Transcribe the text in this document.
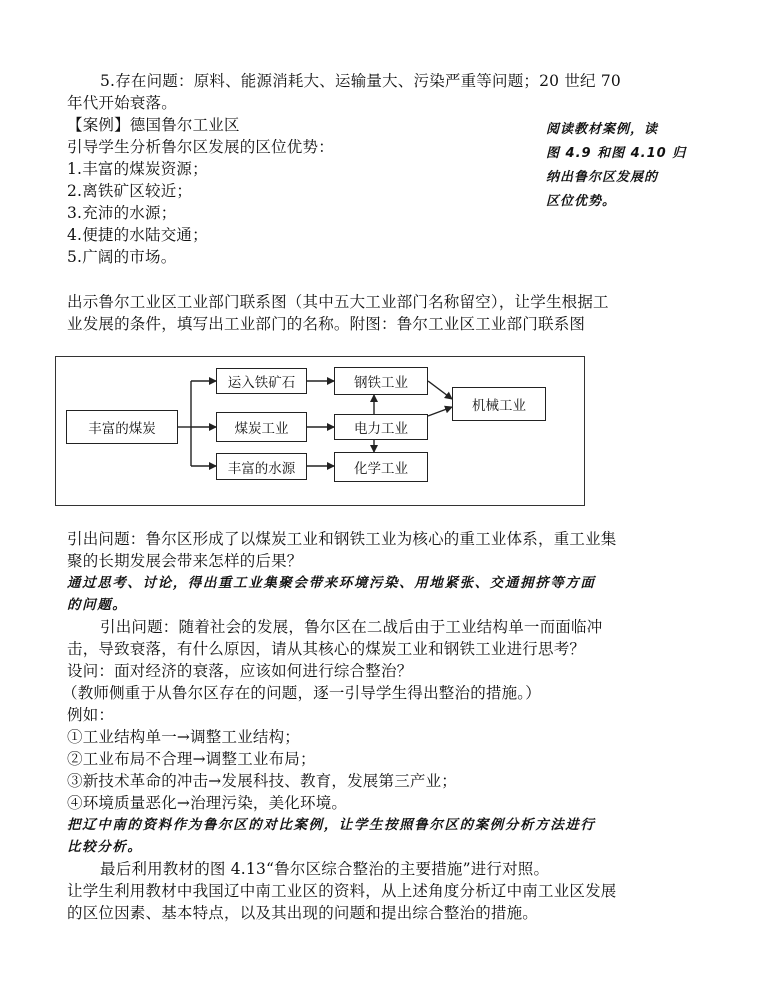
5.存在问题：原料、能源消耗大、运输量大、污染严重等问题；20 世纪 70
年代开始衰落。
【案例】德国鲁尔工业区
引导学生分析鲁尔区发展的区位优势：
1.丰富的煤炭资源；
2.离铁矿区较近；
3.充沛的水源；
4.便捷的水陆交通；
5.广阔的市场。
出示鲁尔工业区工业部门联系图（其中五大工业部门名称留空），让学生根据工
业发展的条件，填写出工业部门的名称。附图：鲁尔工业区工业部门联系图
引出问题：鲁尔区形成了以煤炭工业和钢铁工业为核心的重工业体系，重工业集
聚的长期发展会带来怎样的后果？
通过思考、讨论，得出重工业集聚会带来环境污染、用地紧张、交通拥挤等方面
的问题。
引出问题：随着社会的发展，鲁尔区在二战后由于工业结构单一而面临冲
击，导致衰落，有什么原因，请从其核心的煤炭工业和钢铁工业进行思考？
设问：面对经济的衰落，应该如何进行综合整治？
（教师侧重于从鲁尔区存在的问题，逐一引导学生得出整治的措施。）
例如：
①工业结构单一→调整工业结构；
②工业布局不合理→调整工业布局；
③新技术革命的冲击→发展科技、教育，发展第三产业；
④环境质量恶化→治理污染，美化环境。
把辽中南的资料作为鲁尔区的对比案例，让学生按照鲁尔区的案例分析方法进行
比较分析。
最后利用教材的图 4.13“鲁尔区综合整治的主要措施”进行对照。
让学生利用教材中我国辽中南工业区的资料，从上述角度分析辽中南工业区发展
的区位因素、基本特点，以及其出现的问题和提出综合整治的措施。
阅读教材案例，读
图 4.9 和图 4.10 归
纳出鲁尔区发展的
区位优势。
丰富的煤炭
运入铁矿石
煤炭工业
丰富的水源
钢铁工业
电力工业
化学工业
机械工业
